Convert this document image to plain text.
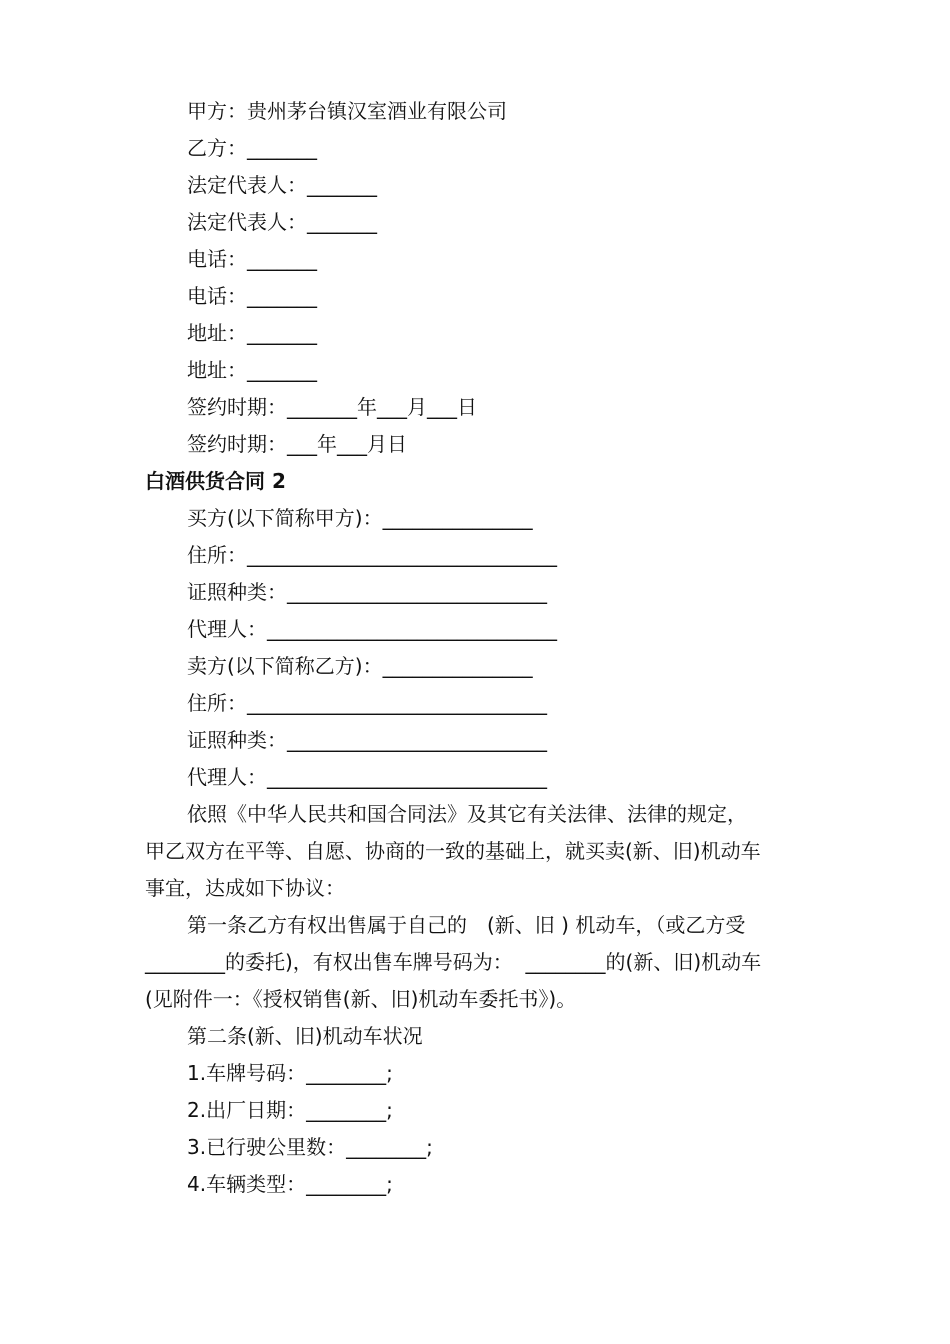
甲方：贵州茅台镇汉室酒业有限公司
乙方：_______
法定代表人：_______
法定代表人：_______
电话：_______
电话：_______
地址：_______
地址：_______
签约时期：_______年___月___日
签约时期：___年___月日
白酒供货合同 2
买方(以下简称甲方)：_______________
住所：_______________________________
证照种类：__________________________
代理人：_____________________________
卖方(以下简称乙方)：_______________
住所：______________________________
证照种类：__________________________
代理人：____________________________
依照《中华人民共和国合同法》及其它有关法律、法律的规定，
甲乙双方在平等、自愿、协商的一致的基础上，就买卖(新、旧)机动车
事宜，达成如下协议：
第一条乙方有权出售属于自己的　(新、旧 ) 机动车，（或乙方受
________的委托)，有权出售车牌号码为：  ________的(新、旧)机动车
(见附件一：《授权销售(新、旧)机动车委托书》)。
第二条(新、旧)机动车状况
1.车牌号码：________;
2.出厂日期：________;
3.已行驶公里数：________;
4.车辆类型：________;
